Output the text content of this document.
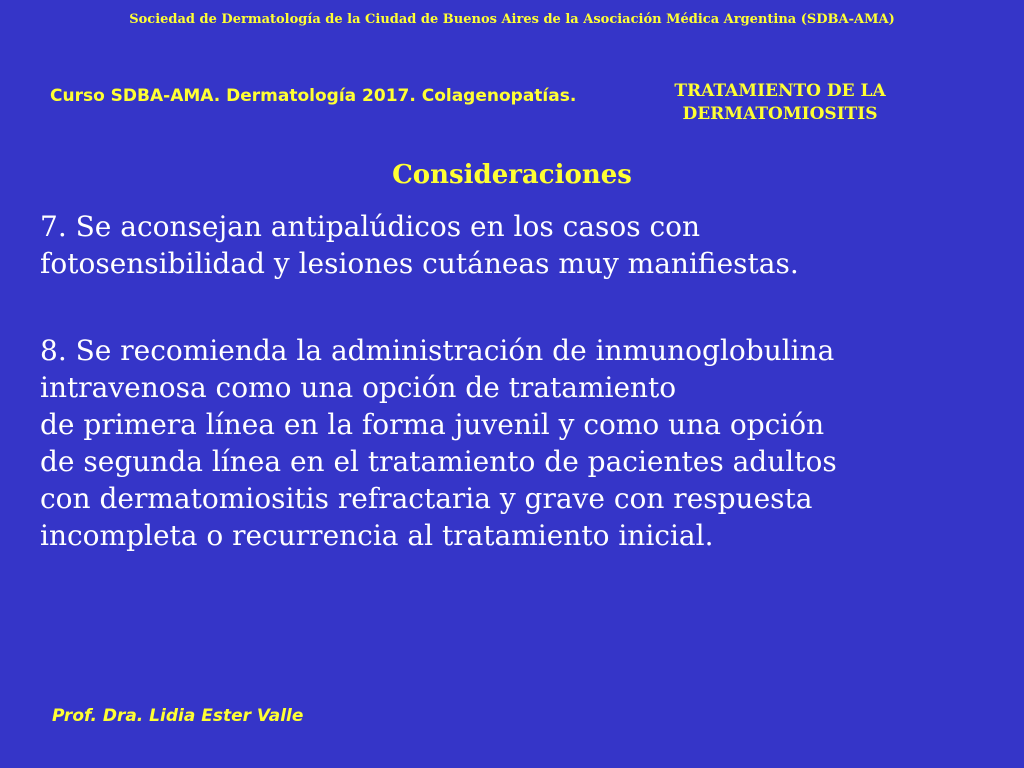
Sociedad de Dermatología de la Ciudad de Buenos Aires de la Asociación Médica Argentina (SDBA-AMA)
Curso SDBA-AMA. Dermatología 2017. Colagenopatías.	TRATAMIENTO DE LA
DERMATOMIOSITIS
Consideraciones

7. Se aconsejan antipalúdicos en los casos con

fotosensibilidad y lesiones cutáneas muy manifiestas.

8. Se recomienda la administración de inmunoglobulina

intravenosa como una opción de tratamiento

de primera línea en la forma juvenil y como una opción

de segunda línea en el tratamiento de pacientes adultos

con dermatomiositis refractaria y grave con respuesta

incompleta o recurrencia al tratamiento inicial.

Prof. Dra. Lidia Ester Valle
